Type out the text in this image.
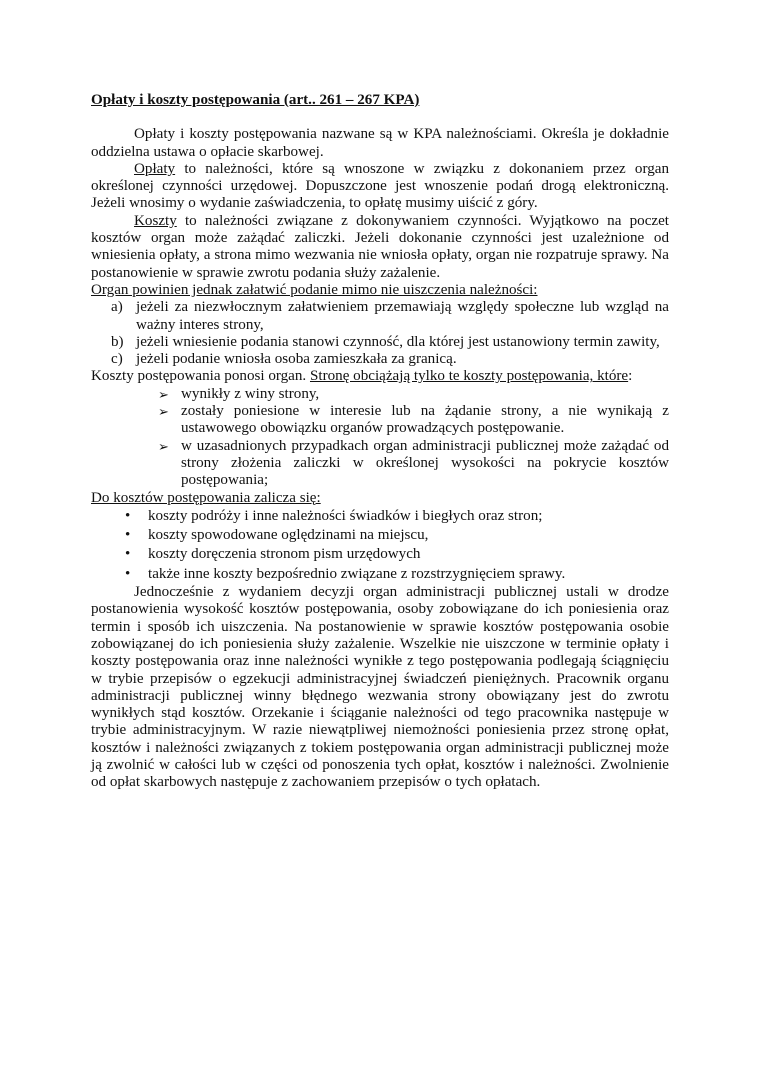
Opłaty i koszty postępowania (art.. 261 – 267 KPA)

Opłaty i koszty postępowania nazwane są w KPA należnościami. Określa je dokładnie oddzielna ustawa o opłacie skarbowej.

Opłaty to należności, które są wnoszone w związku z dokonaniem przez organ określonej czynności urzędowej. Dopuszczone jest wnoszenie podań drogą elektroniczną. Jeżeli wnosimy o wydanie zaświadczenia, to opłatę musimy uiścić z góry.

Koszty to należności związane z dokonywaniem czynności. Wyjątkowo na poczet kosztów organ może zażądać zaliczki. Jeżeli dokonanie czynności jest uzależnione od wniesienia opłaty, a strona mimo wezwania nie wniosła opłaty, organ nie rozpatruje sprawy. Na postanowienie w sprawie zwrotu podania służy zażalenie.

Organ powinien jednak załatwić podanie mimo nie uiszczenia należności:

a) jeżeli za niezwłocznym załatwieniem przemawiają względy społeczne lub wzgląd na ważny interes strony,
b) jeżeli wniesienie podania stanowi czynność, dla której jest ustanowiony termin zawity,
c) jeżeli podanie wniosła osoba zamieszkała za granicą.

Koszty postępowania ponosi organ. Stronę obciążają tylko te koszty postępowania, które:

➢ wynikły z winy strony,
➢ zostały poniesione w interesie lub na żądanie strony, a nie wynikają z ustawowego obowiązku organów prowadzących postępowanie.
➢ w uzasadnionych przypadkach organ administracji publicznej może zażądać od strony złożenia zaliczki w określonej wysokości na pokrycie kosztów postępowania;

Do kosztów postępowania zalicza się:

• koszty podróży i inne należności świadków i biegłych oraz stron;
• koszty spowodowane oględzinami na miejscu,
• koszty doręczenia stronom pism urzędowych
• także inne koszty bezpośrednio związane z rozstrzygnięciem sprawy.

Jednocześnie z wydaniem decyzji organ administracji publicznej ustali w drodze postanowienia wysokość kosztów postępowania, osoby zobowiązane do ich poniesienia oraz termin i sposób ich uiszczenia. Na postanowienie w sprawie kosztów postępowania osobie zobowiązanej do ich poniesienia służy zażalenie. Wszelkie nie uiszczone w terminie opłaty i koszty postępowania oraz inne należności wynikłe z tego postępowania podlegają ściągnięciu w trybie przepisów o egzekucji administracyjnej świadczeń pieniężnych. Pracownik organu administracji publicznej winny błędnego wezwania strony obowiązany jest do zwrotu wynikłych stąd kosztów. Orzekanie i ściąganie należności od tego pracownika następuje w trybie administracyjnym. W razie niewątpliwej niemożności poniesienia przez stronę opłat, kosztów i należności związanych z tokiem postępowania organ administracji publicznej może ją zwolnić w całości lub w części od ponoszenia tych opłat, kosztów i należności. Zwolnienie od opłat skarbowych następuje z zachowaniem przepisów o tych opłatach.
